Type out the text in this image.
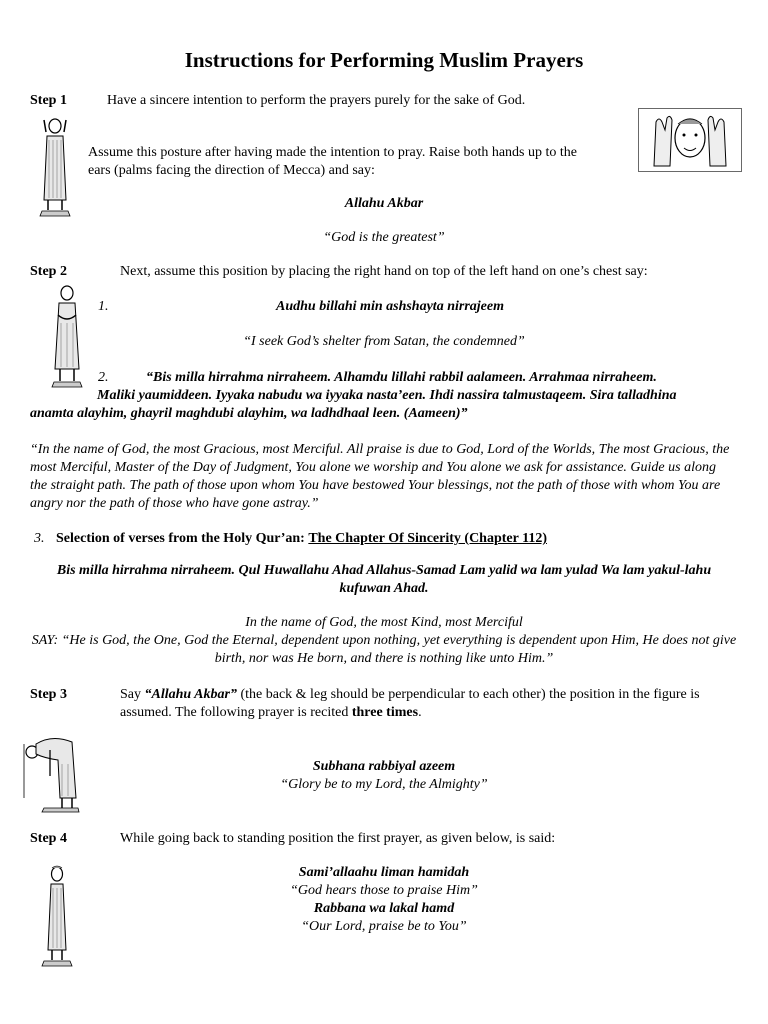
Instructions for Performing Muslim Prayers
Step 1	Have a sincere intention to perform the prayers purely for the sake of God.
Assume this posture after having made the intention to pray. Raise both hands up to the
ears (palms facing the direction of Mecca) and say:
Allahu Akbar
“God is the greatest”
Step 2	Next, assume this position by placing the right hand on top of the left hand on one’s chest say:
1.	Audhu billahi min ashshayta nirrajeem
“I seek God’s shelter from Satan, the condemned”
2.	“Bis milla hirrahma nirraheem. Alhamdu lillahi rabbil aalameen. Arrahmaa nirraheem.
Maliki yaumiddeen. Iyyaka nabudu wa iyyaka nasta’een. Ihdi nassira talmustaqeem. Sira talladhina
anamta alayhim, ghayril maghdubi alayhim, wa ladhdhaal leen. (Aameen)”
“In the name of God, the most Gracious, most Merciful. All praise is due to God, Lord of the Worlds, The most Gracious, the most Merciful, Master of the Day of Judgment, You alone we worship and You alone we ask for assistance. Guide us along the straight path. The path of those upon whom You have bestowed Your blessings, not the path of those with whom You are angry nor the path of those who have gone astray.”
3. Selection of verses from the Holy Qur’an: The Chapter Of Sincerity (Chapter 112)
Bis milla hirrahma nirraheem. Qul Huwallahu Ahad Allahus-Samad Lam yalid wa lam yulad Wa lam yakul-lahu kufuwan Ahad.
In the name of God, the most Kind, most Merciful
SAY: “He is God, the One, God the Eternal, dependent upon nothing, yet everything is dependent upon Him, He does not give birth, nor was He born, and there is nothing like unto Him.”
Step 3	Say “Allahu Akbar” (the back & leg should be perpendicular to each other) the position in the figure is assumed. The following prayer is recited three times.
Subhana rabbiyal azeem
“Glory be to my Lord, the Almighty”
Step 4	While going back to standing position the first prayer, as given below, is said:
Sami’allaahu liman hamidah
“God hears those to praise Him”
Rabbana wa lakal hamd
“Our Lord, praise be to You”
